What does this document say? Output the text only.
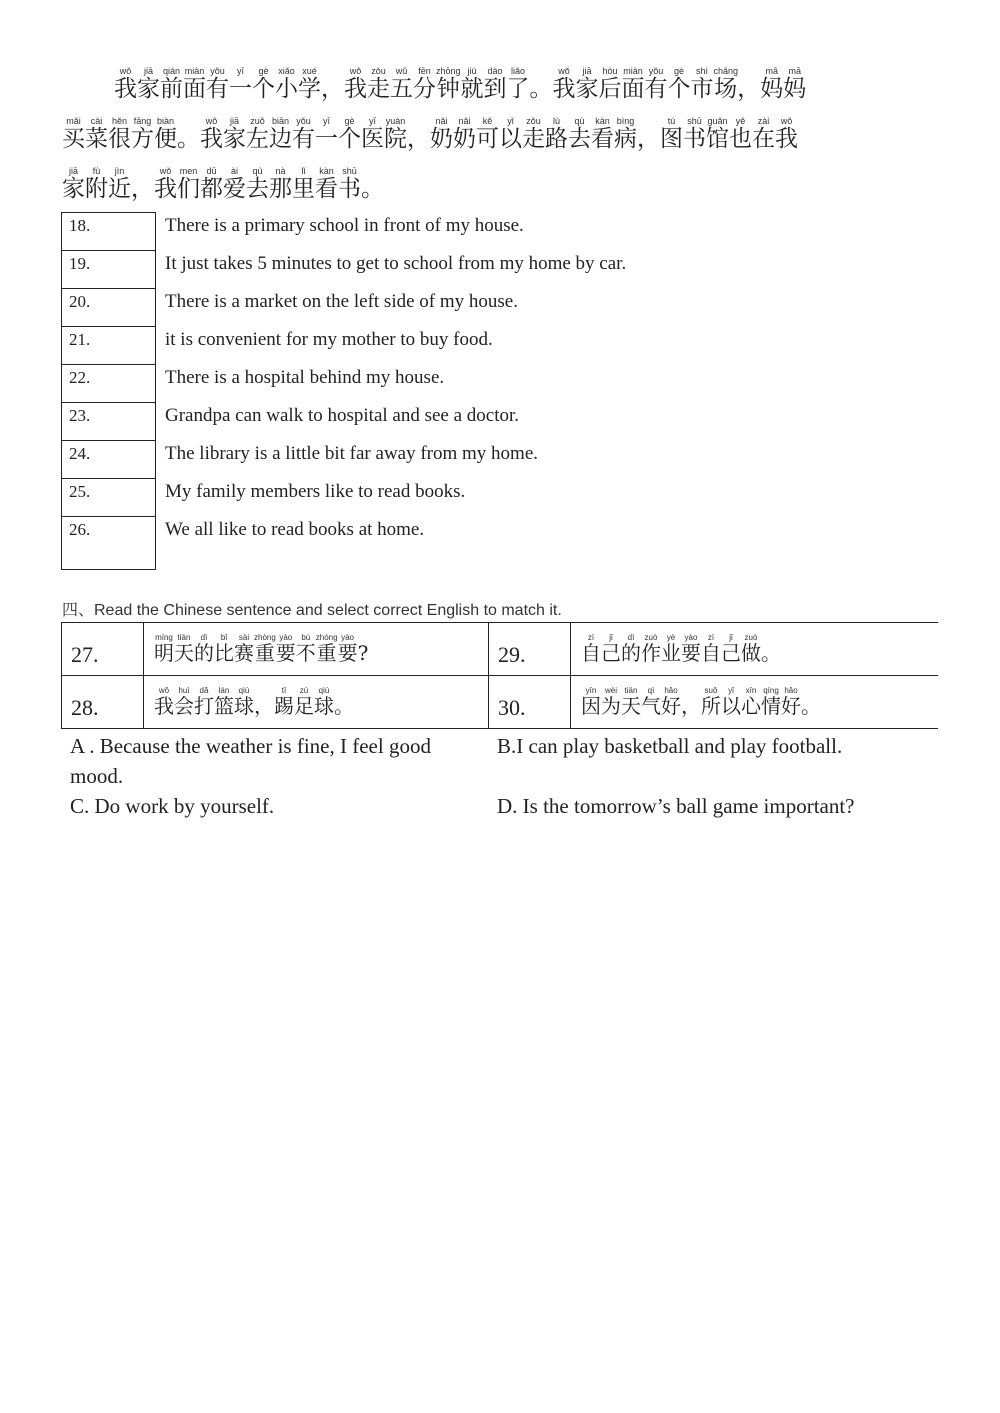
我wǒ家jiā前qián面miàn有yǒu一yī个gè小xiǎo学xué，我wǒ走zǒu五wǔ分fēn钟zhōng就jiù到dào了liǎo。我wǒ家jiā后hòu面miàn有yǒu个gè市shì场chǎng，妈mā妈mā
买mǎi菜cài很hěn方fāng便biàn。我wǒ家jiā左zuǒ边biān有yǒu一yī个gè医yī院yuàn，奶nǎi奶nǎi可kě以yǐ走zǒu路lù去qù看kàn病bìng，图tú书shū馆guǎn也yě在zài我wǒ
家jiā附fù近jìn，我wǒ们men都dū爱ài去qù那nà里lǐ看kàn书shū。
18.	There is a primary school in front of my house.
19.	It just takes 5 minutes to get to school from my home by car.
20.	There is a market on the left side of my house.
21.	it is convenient for my mother to buy food.
22.	There is a hospital behind my house.
23.	Grandpa can walk to hospital and see a doctor.
24.	The library is a little bit far away from my home.
25.	My family members like to read books.
26.	We all like to read books at home.
四、Read the Chinese sentence and select correct English to match it.
27.	明míng天tiān的dì比bǐ赛sài重zhòng要yào不bù重zhòng要yào?	29.	自zì己jǐ的dì作zuò业yè要yào自zì己jǐ做zuò。
28.	我wǒ会huì打dǎ篮lán球qiú，踢tī足zú球qiú。	30.	因yīn为wèi天tiān气qì好hǎo，所suǒ以yǐ心xīn情qíng好hǎo。
A . Because the weather is fine, I feel good mood.
B.I can play basketball and play football.
C. Do work by yourself.	D. Is the tomorrow’s ball game important?
